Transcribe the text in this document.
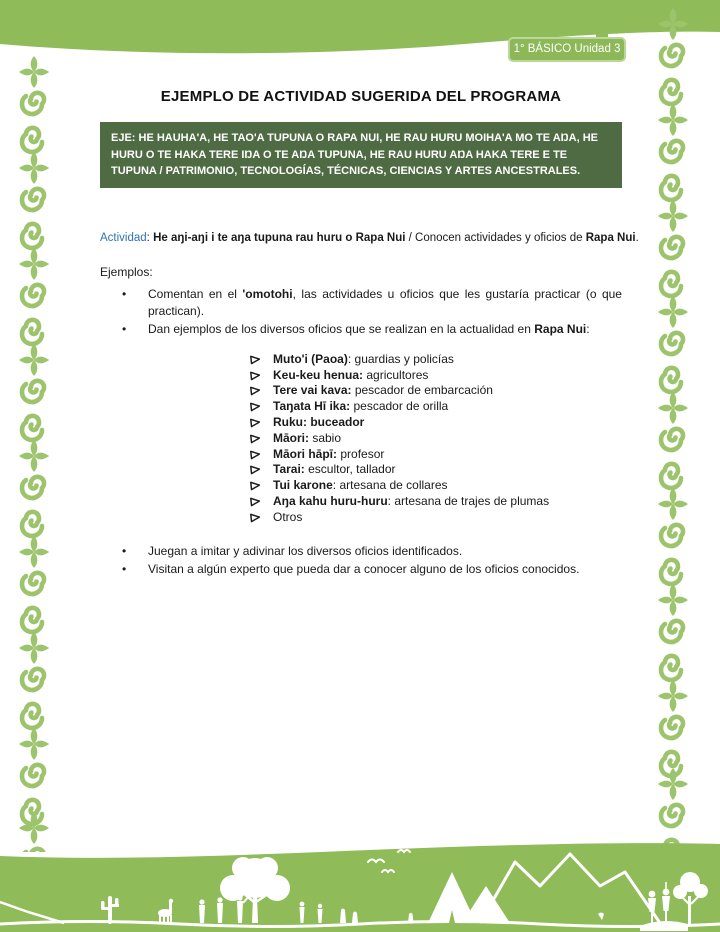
1° BÁSICO Unidad 3
EJEMPLO DE ACTIVIDAD SUGERIDA DEL PROGRAMA
EJE: HE HAUHA'A, HE TAO'A TUPUNA O RAPA NUI, HE RAU HURU MOIHA'A MO TE AŊA, HE HURU O TE HAKA TERE IŊA O TE AŊA TUPUNA, HE RAU HURU AŊA HAKA TERE E TE TUPUNA / PATRIMONIO, TECNOLOGÍAS, TÉCNICAS, CIENCIAS Y ARTES ANCESTRALES.

Actividad: He aŋi-aŋi i te aŋa tupuna rau huru o Rapa Nui / Conocen actividades y oficios de Rapa Nui.

Ejemplos:

• Comentan en el 'omotohi, las actividades u oficios que les gustaría practicar (o que practican).
• Dan ejemplos de los diversos oficios que se realizan en la actualidad en Rapa Nui:
Muto'i (Paoa): guardias y policías
Keu-keu henua: agricultores
Tere vai kava: pescador de embarcación
Taŋata Hī ika: pescador de orilla
Ruku: buceador
Māori: sabio
Māori hāpī: profesor
Tarai: escultor, tallador
Tui karone: artesana de collares
Aŋa kahu huru-huru: artesana de trajes de plumas
Otros
• Juegan a imitar y adivinar los diversos oficios identificados.
• Visitan a algún experto que pueda dar a conocer alguno de los oficios conocidos.
